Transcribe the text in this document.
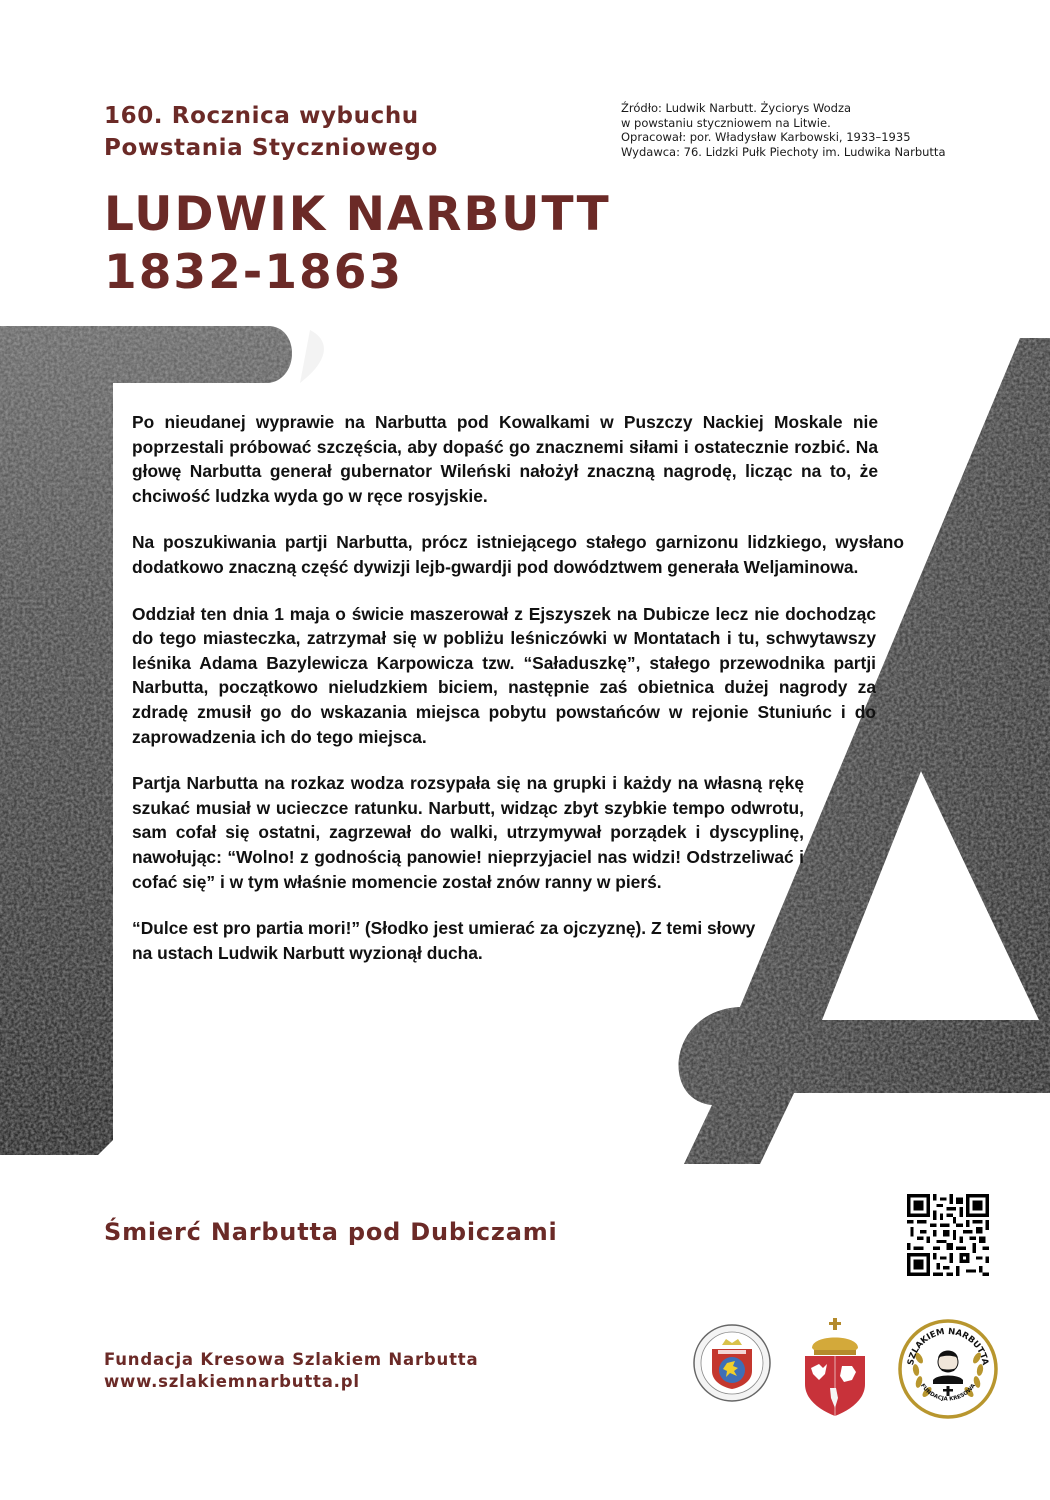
160. Rocznica wybuchu
Powstania Styczniowego
LUDWIK NARBUTT
1832-1863
Źródło: Ludwik Narbutt. Życiorys Wodza
w powstaniu styczniowem na Litwie.
Opracował: por. Władysław Karbowski, 1933–1935
Wydawca: 76. Lidzki Pułk Piechoty im. Ludwika Narbutta

Po nieudanej wyprawie na Narbutta pod Kowalkami w Puszczy Nackiej Moskale nie poprzestali próbować szczęścia, aby dopaść go znacznemi siłami i ostatecznie rozbić. Na głowę Narbutta generał gubernator Wileński nałożył znaczną nagrodę, licząc na to, że chciwość ludzka wyda go w ręce rosyjskie.

Na poszukiwania partji Narbutta, prócz istniejącego stałego garnizonu lidzkiego, wysłano dodatkowo znaczną część dywizji lejb-gwardji pod dowództwem generała Weljaminowa.

Oddział ten dnia 1 maja o świcie maszerował z Ejszyszek na Dubicze lecz nie dochodząc do tego miasteczka, zatrzymał się w pobliżu leśniczówki w Montatach i tu, schwytawszy leśnika Adama Bazylewicza Karpowicza tzw. “Saładuszkę”, stałego przewodnika partji Narbutta, początkowo nieludzkiem biciem, następnie zaś obietnica dużej nagrody za zdradę zmusił go do wskazania miejsca pobytu powstańców w rejonie Stuniuńc i do zaprowadzenia ich do tego miejsca.

Partja Narbutta na rozkaz wodza rozsypała się na grupki i każdy na własną rękę szukać musiał w ucieczce ratunku. Narbutt, widząc zbyt szybkie tempo odwrotu, sam cofał się ostatni, zagrzewał do walki, utrzymywał porządek i dyscyplinę, nawołując: “Wolno! z godnością panowie! nieprzyjaciel nas widzi! Odstrzeliwać i cofać się” i w tym właśnie momencie został znów ranny w pierś.

“Dulce est pro partia mori!” (Słodko jest umierać za ojczyznę). Z temi słowy na ustach Ludwik Narbutt wyzionął ducha.

Śmierć Narbutta pod Dubiczami
Fundacja Kresowa Szlakiem Narbutta
www.szlakiemnarbutta.pl
SZLAKIEM NARBUTTA
FUNDACJA KRESOWA
